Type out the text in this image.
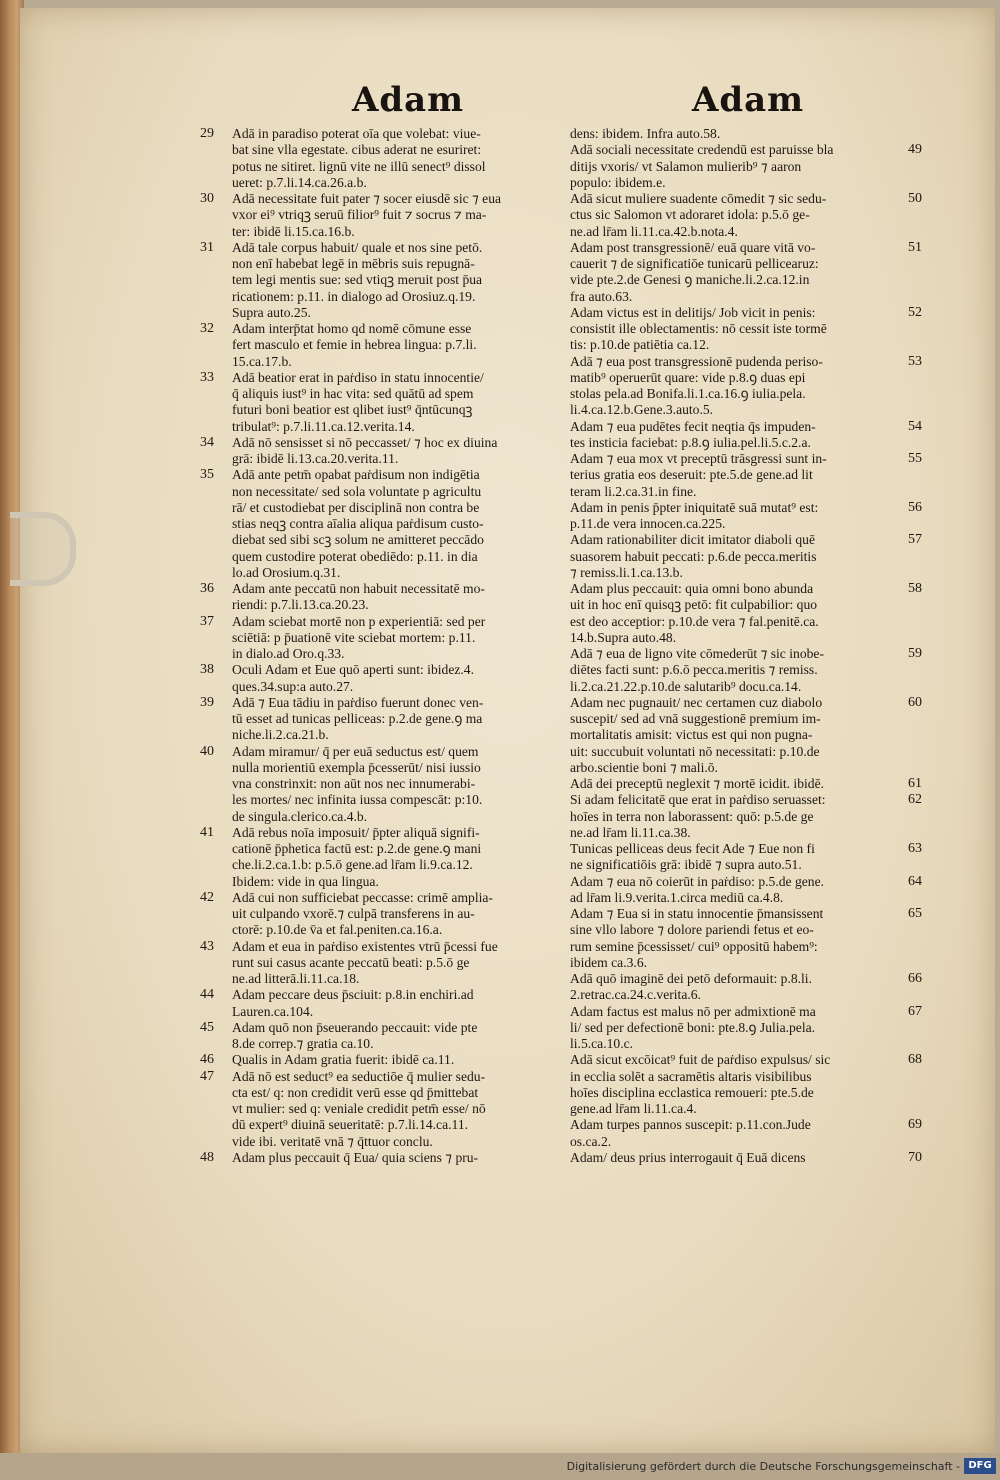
Adam	Adam
Adā in paradiso poterat oīa que volebat: viue-
bat sine vlla egestate. cibus aderat ne esuriret:
potus ne sitiret. lignū vite ne illū senect⁹ dissol
ueret: p.7.li.14.ca.26.a.b.
Adā necessitate fuit pater ⁊ socer eiusdē sic ⁊ eua
vxor ei⁹ vtriqꝫ seruū filior⁹ fuit ⁊ socrus ⁊ ma-
ter: ibidē li.15.ca.16.b.
Adā tale corpus habuit/ quale et nos sine petō.
non enī habebat legē in mēbris suis repugnā-
tem legi mentis sue: sed vtiqꝫ meruit post p̄ua
ricationem: p.11. in dialogo ad Orosiuz.q.19.
Supra auto.25.
Adam interp̄tat homo qd nomē cōmune esse
fert masculo et femie in hebrea lingua: p.7.li.
15.ca.17.b.
Adā beatior erat in paṙdiso in statu innocentie/
q̄ aliquis iust⁹ in hac vita: sed quātū ad spem
futuri boni beatior est qlibet iust⁹ q̄ntūcunqꝫ
tribulat⁹: p.7.li.11.ca.12.verita.14.
Adā nō sensisset si nō peccasset/ ⁊ hoc ex diuina
grā: ibidē li.13.ca.20.verita.11.
Adā ante petm̄ opabat paṙdisum non indigētia
non necessitate/ sed sola voluntate p agricultu
rā/ et custodiebat per disciplinā non contra be
stias neqꝫ contra aīalia aliqua paṙdisum custo-
diebat sed sibi scꝫ solum ne amitteret peccādo
quem custodire poterat obediēdo: p.11. in dia
lo.ad Orosium.q.31.
Adam ante peccatū non habuit necessitatē mo-
riendi: p.7.li.13.ca.20.23.
Adam sciebat mortē non p experientiā: sed per
sciētiā: p p̄uationē vite sciebat mortem: p.11.
in dialo.ad Oro.q.33.
Oculi Adam et Eue quō aperti sunt: ibidez.4.
ques.34.sup:a auto.27.
Adā ⁊ Eua tādiu in paṙdiso fuerunt donec ven-
tū esset ad tunicas pelliceas: p.2.de gene.ꝯ ma
niche.li.2.ca.21.b.
Adam miramur/ q̄ per euā seductus est/ quem
nulla morientiū exempla p̄cesserūt/ nisi iussio
vna constrinxit: non aūt nos nec innumerabi-
les mortes/ nec infinita iussa compescāt: p:10.
de singula.clerico.ca.4.b.
Adā rebus noīa imposuit/ p̄pter aliquā signifi-
cationē p̄phetica factū est: p.2.de gene.ꝯ mani
che.li.2.ca.1.b: p.5.ō gene.ad lr̄am li.9.ca.12.
Ibidem: vide in qua lingua.
Adā cui non sufficiebat peccasse: crimē amplia-
uit culpando vxorē.⁊ culpā transferens in au-
ctorē: p.10.de v̄a et fal.peniten.ca.16.a.
Adam et eua in paṙdiso existentes vtrū p̄cessi fue
runt sui casus acante peccatū beati: p.5.ō ge
ne.ad litterā.li.11.ca.18.
Adam peccare deus p̄sciuit: p.8.in enchiri.ad
Lauren.ca.104.
Adam quō non p̄seuerando peccauit: vide pte
8.de correp.⁊ gratia ca.10.
Qualis in Adam gratia fuerit: ibidē ca.11.
Adā nō est seduct⁹ ea seductiōe q̄ mulier sedu-
cta est/ q: non credidit verū esse qd p̄mittebat
vt mulier: sed q: veniale credidit petm̄ esse/ nō
dū expert⁹ diuinā seueritatē: p.7.li.14.ca.11.
vide ibi. veritatē vnā ⁊ q̄ttuor conclu.
Adam plus peccauit q̄ Eua/ quia sciens ⁊ pru-
dens: ibidem. Infra auto.58.
Adā sociali necessitate credendū est paruisse bla
ditijs vxoris/ vt Salamon mulierib⁹ ⁊ aaron
populo: ibidem.e.
Adā sicut muliere suadente cōmedit ⁊ sic sedu-
ctus sic Salomon vt adoraret idola: p.5.ō ge-
ne.ad lr̄am li.11.ca.42.b.nota.4.
Adam post transgressionē/ euā quare vitā vo-
cauerit ⁊ de significatiōe tunicarū pellicearuz:
vide pte.2.de Genesi ꝯ maniche.li.2.ca.12.in
fra auto.63.
Adam victus est in delitijs/ Job vicit in penis:
consistit ille oblectamentis: nō cessit iste tormē
tis: p.10.de patiētia ca.12.
Adā ⁊ eua post transgressionē pudenda periso-
matib⁹ operuerūt quare: vide p.8.ꝯ duas epi
stolas pela.ad Bonifa.li.1.ca.16.ꝯ iulia.pela.
li.4.ca.12.b.Gene.3.auto.5.
Adam ⁊ eua pudētes fecit neqtia q̄s impuden-
tes insticia faciebat: p.8.ꝯ iulia.pel.li.5.c.2.a.
Adam ⁊ eua mox vt preceptū trāsgressi sunt in-
terius gratia eos deseruit: pte.5.de gene.ad lit
teram li.2.ca.31.in fine.
Adam in penis p̄pter iniquitatē suā mutat⁹ est:
p.11.de vera innocen.ca.225.
Adam rationabiliter dicit imitator diaboli quē
suasorem habuit peccati: p.6.de pecca.meritis
⁊ remiss.li.1.ca.13.b.
Adam plus peccauit: quia omni bono abunda
uit in hoc enī quisqꝫ petō: fit culpabilior: quo
est deo acceptior: p.10.de vera ⁊ fal.penitē.ca.
14.b.Supra auto.48.
Adā ⁊ eua de ligno vite cōmederūt ⁊ sic inobe-
diētes facti sunt: p.6.ō pecca.meritis ⁊ remiss.
li.2.ca.21.22.p.10.de salutarib⁹ docu.ca.14.
Adam nec pugnauit/ nec certamen cuz diabolo
suscepit/ sed ad vnā suggestionē premium im-
mortalitatis amisit: victus est qui non pugna-
uit: succubuit voluntati nō necessitati: p.10.de
arbo.scientie boni ⁊ mali.ō.
Adā dei preceptū neglexit ⁊ mortē icidit. ibidē.
Si adam felicitatē que erat in paṙdiso seruasset:
hoīes in terra non laborassent: quō: p.5.de ge
ne.ad lr̄am li.11.ca.38.
Tunicas pelliceas deus fecit Ade ⁊ Eue non fi
ne significatiōis grā: ibidē ⁊ supra auto.51.
Adam ⁊ eua nō coierūt in paṙdiso: p.5.de gene.
ad lr̄am li.9.verita.1.circa mediū ca.4.8.
Adam ⁊ Eua si in statu innocentie p̄mansissent
sine vllo labore ⁊ dolore pariendi fetus et eo-
rum semine p̄cessisset/ cui⁹ oppositū habem⁹:
ibidem ca.3.6.
Adā quō imaginē dei petō deformauit: p.8.li.
2.retrac.ca.24.c.verita.6.
Adam factus est malus nō per admixtionē ma
li/ sed per defectionē boni: pte.8.ꝯ Julia.pela.
li.5.ca.10.c.
Adā sicut excōicat⁹ fuit de paṙdiso expulsus/ sic
in ecclia solēt a sacramētis altaris visibilibus
hoīes disciplina ecclastica remoueri: pte.5.de
gene.ad lr̄am li.11.ca.4.
Adam turpes pannos suscepit: p.11.con.Jude
os.ca.2.
Adam/ deus prius interrogauit q̄ Euā dicens
29
30
31
32
33
34
35
36
37
38
39
40
41
42
43
44
45
46
47
48
49
50
51
52
53
54
55
56
57
58
59
60
61
62
63
64
65
66
67
68
69
70
Digitalisierung gefördert durch die Deutsche Forschungsgemeinschaft - DFG
